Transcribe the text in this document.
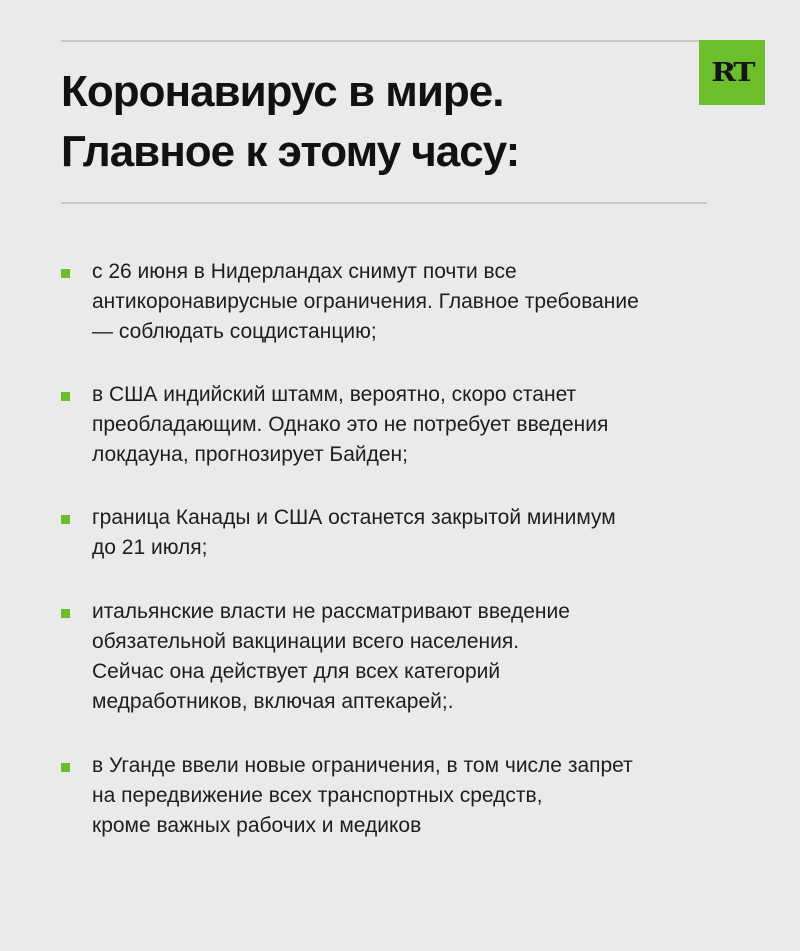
Коронавирус в мире.
Главное к этому часу:
RT
с 26 июня в Нидерландах снимут почти все
антикоронавирусные ограничения. Главное требование
— соблюдать соцдистанцию;
в США индийский штамм, вероятно, скоро станет
преобладающим. Однако это не потребует введения
локдауна, прогнозирует Байден;
граница Канады и США останется закрытой минимум
до 21 июля;
итальянские власти не рассматривают введение
обязательной вакцинации всего населения.
Сейчас она действует для всех категорий
медработников, включая аптекарей;.
в Уганде ввели новые ограничения, в том числе запрет
на передвижение всех транспортных средств,
кроме важных рабочих и медиков
